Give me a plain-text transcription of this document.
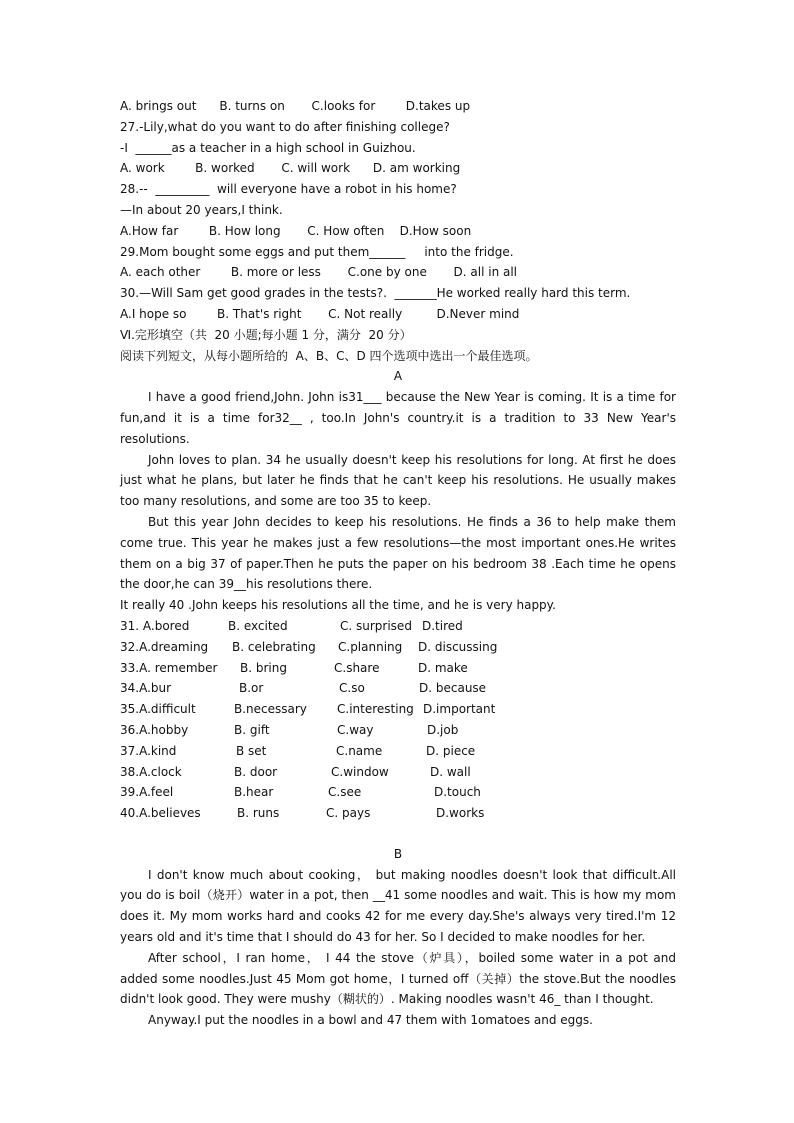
A. brings out      B. turns on       C.looks for        D.takes up
27.-Lily,what do you want to do after finishing college?
-I  ______as a teacher in a high school in Guizhou.
A. work        B. worked       C. will work      D. am working
28.--  _________  will everyone have a robot in his home?
—In about 20 years,I think.
A.How far        B. How long       C. How often    D.How soon
29.Mom bought some eggs and put them______     into the fridge.
A. each other        B. more or less       C.one by one       D. all in all
30.—Will Sam get good grades in the tests?.  _______He worked really hard this term.
A.I hope so        B. That's right       C. Not really         D.Never mind
Ⅵ.完形填空（共  20 小题;每小题 1 分，满分  20 分）
阅读下列短文，从每小题所给的  A、B、C、D 四个选项中选出一个最佳选项。
A
I have a good friend,John. John is31___ because the New Year is coming. It is a time for fun,and it is a time for32__ , too.In John's country.it is a tradition to 33 New Year's resolutions.
John loves to plan. 34 he usually doesn't keep his resolutions for long. At first he does just what he plans, but later he finds that he can't keep his resolutions. He usually makes too many resolutions, and some are too 35 to keep.
But this year John decides to keep his resolutions. He finds a 36 to help make them come true. This year he makes just a few resolutions—the most important ones.He writes them on a big 37 of paper.Then he puts the paper on his bedroom 38 .Each time he opens the door,he can 39__his resolutions there.
It really 40 .John keeps his resolutions all the time, and he is very happy.
31. A.bored	B. excited	C. surprised D.tired
32.A.dreaming	B. celebrating	C.planning	D. discussing
33.A. remember	B. bring	C.share	D. make
34.A.bur	B.or	C.so	D. because
35.A.difficult	B.necessary	C.interesting D.important
36.A.hobby	B. gift	C.way	D.job
37.A.kind	B set	C.name	D. piece
38.A.clock	B. door	C.window	D. wall
39.A.feel	B.hear	C.see	D.touch
40.A.believes	B. runs	C. pays	D.works
B
I don't know much about cooking， but making noodles doesn't look that difficult.All you do is boil（烧开）water in a pot, then __41 some noodles and wait. This is how my mom does it. My mom works hard and cooks 42 for me every day.She's always very tired.I'm 12 years old and it's time that I should do 43 for her. So I decided to make noodles for her.
After school，I ran home， I 44 the stove（炉具），boiled some water in a pot and added some noodles.Just 45 Mom got home，I turned off（关掉）the stove.But the noodles didn't look good. They were mushy（糊状的）. Making noodles wasn't 46_ than I thought.
Anyway.I put the noodles in a bowl and 47 them with 1omatoes and eggs.
